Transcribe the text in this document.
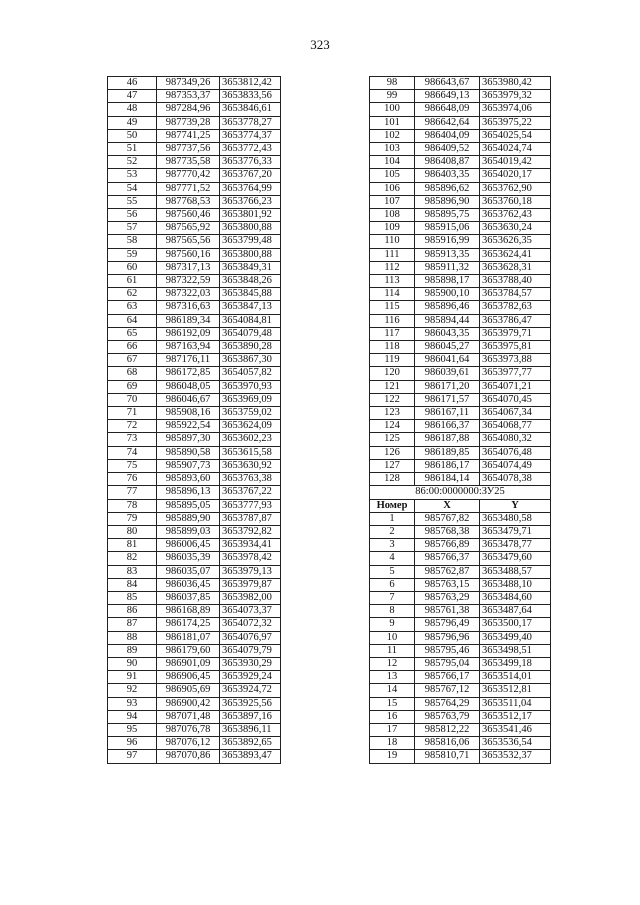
323
46	987349,26	3653812,42
47	987353,37	3653833,56
48	987284,96	3653846,61
49	987739,28	3653778,27
50	987741,25	3653774,37
51	987737,56	3653772,43
52	987735,58	3653776,33
53	987770,42	3653767,20
54	987771,52	3653764,99
55	987768,53	3653766,23
56	987560,46	3653801,92
57	987565,92	3653800,88
58	987565,56	3653799,48
59	987560,16	3653800,88
60	987317,13	3653849,31
61	987322,59	3653848,26
62	987322,03	3653845,88
63	987316,63	3653847,13
64	986189,34	3654084,81
65	986192,09	3654079,48
66	987163,94	3653890,28
67	987176,11	3653867,30
68	986172,85	3654057,82
69	986048,05	3653970,93
70	986046,67	3653969,09
71	985908,16	3653759,02
72	985922,54	3653624,09
73	985897,30	3653602,23
74	985890,58	3653615,58
75	985907,73	3653630,92
76	985893,60	3653763,38
77	985896,13	3653767,22
78	985895,05	3653777,93
79	985889,90	3653787,87
80	985899,03	3653792,82
81	986006,45	3653934,41
82	986035,39	3653978,42
83	986035,07	3653979,13
84	986036,45	3653979,87
85	986037,85	3653982,00
86	986168,89	3654073,37
87	986174,25	3654072,32
88	986181,07	3654076,97
89	986179,60	3654079,79
90	986901,09	3653930,29
91	986906,45	3653929,24
92	986905,69	3653924,72
93	986900,42	3653925,56
94	987071,48	3653897,16
95	987076,78	3653896,11
96	987076,12	3653892,65
97	987070,86	3653893,47
98	986643,67	3653980,42
99	986649,13	3653979,32
100	986648,09	3653974,06
101	986642,64	3653975,22
102	986404,09	3654025,54
103	986409,52	3654024,74
104	986408,87	3654019,42
105	986403,35	3654020,17
106	985896,62	3653762,90
107	985896,90	3653760,18
108	985895,75	3653762,43
109	985915,06	3653630,24
110	985916,99	3653626,35
111	985913,35	3653624,41
112	985911,32	3653628,31
113	985898,17	3653788,40
114	985900,10	3653784,57
115	985896,46	3653782,63
116	985894,44	3653786,47
117	986043,35	3653979,71
118	986045,27	3653975,81
119	986041,64	3653973,88
120	986039,61	3653977,77
121	986171,20	3654071,21
122	986171,57	3654070,45
123	986167,11	3654067,34
124	986166,37	3654068,77
125	986187,88	3654080,32
126	986189,85	3654076,48
127	986186,17	3654074,49
128	986184,14	3654078,38
86:00:0000000:ЗУ25		
Номер	X	Y
1	985767,82	3653480,58
2	985768,38	3653479,71
3	985766,89	3653478,77
4	985766,37	3653479,60
5	985762,87	3653488,57
6	985763,15	3653488,10
7	985763,29	3653484,60
8	985761,38	3653487,64
9	985796,49	3653500,17
10	985796,96	3653499,40
11	985795,46	3653498,51
12	985795,04	3653499,18
13	985766,17	3653514,01
14	985767,12	3653512,81
15	985764,29	3653511,04
16	985763,79	3653512,17
17	985812,22	3653541,46
18	985816,06	3653536,54
19	985810,71	3653532,37
